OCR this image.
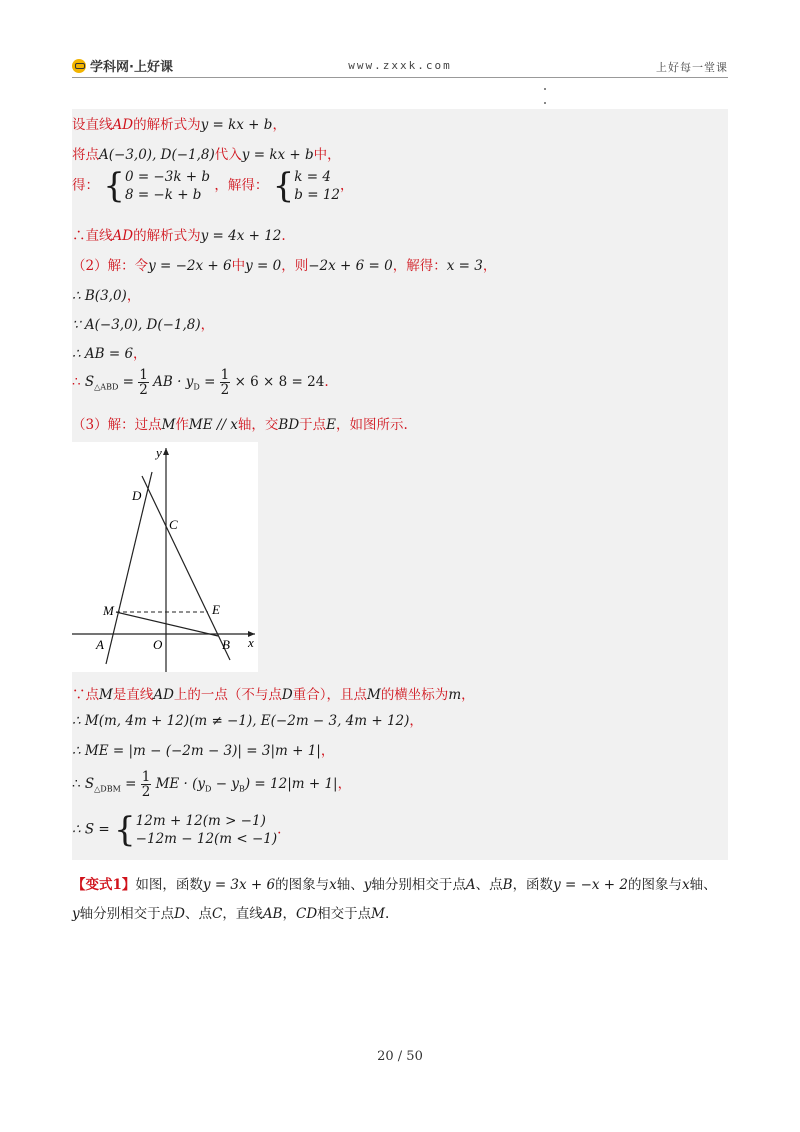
学科网·上好课	www.zxxk.com	上好每一堂课
设直线AD的解析式为y = kx + b，
将点A(−3,0), D(−1,8)代入y = kx + b中，
得： { 0 = −3k + b
8 = −k + b
，解得： { k = 4
b = 12
，
∴直线AD的解析式为y = 4x + 12.
（2）解：令y = −2x + 6中y = 0，则−2x + 6 = 0，解得：x = 3，
∴ B(3,0)，
∵ A(−3,0), D(−1,8)，
∴ AB = 6，
∴ $S_{\triangle ABD} = \frac{1}{2}$ AB · $y_D = \frac{1}{2} \times 6 \times 8 = 24$.
（3）解：过点M作ME // x轴，交BD于点E，如图所示.
y
x
D
C
M	E
A	O	B
∵点M是直线AD上的一点（不与点D重合），且点M的横坐标为m，
∴ M(m, 4m + 12)(m ≠ −1), E(−2m − 3, 4m + 12)，
∴ ME = |m − (−2m − 3)| = 3|m + 1|，
∴ $S_{\triangle DBM} = \frac{1}{2}$ ME · $(y_D - y_B) = 12|m + 1|$，
∴ S = { 12m + 12(m > −1)
−12m − 12(m < −1)
.
【变式1】如图，函数y = 3x + 6的图象与x轴、y轴分别相交于点A、点B，函数y = −x + 2的图象与x轴、
y轴分别相交于点D、点C，直线AB，CD相交于点M.
20 / 50
